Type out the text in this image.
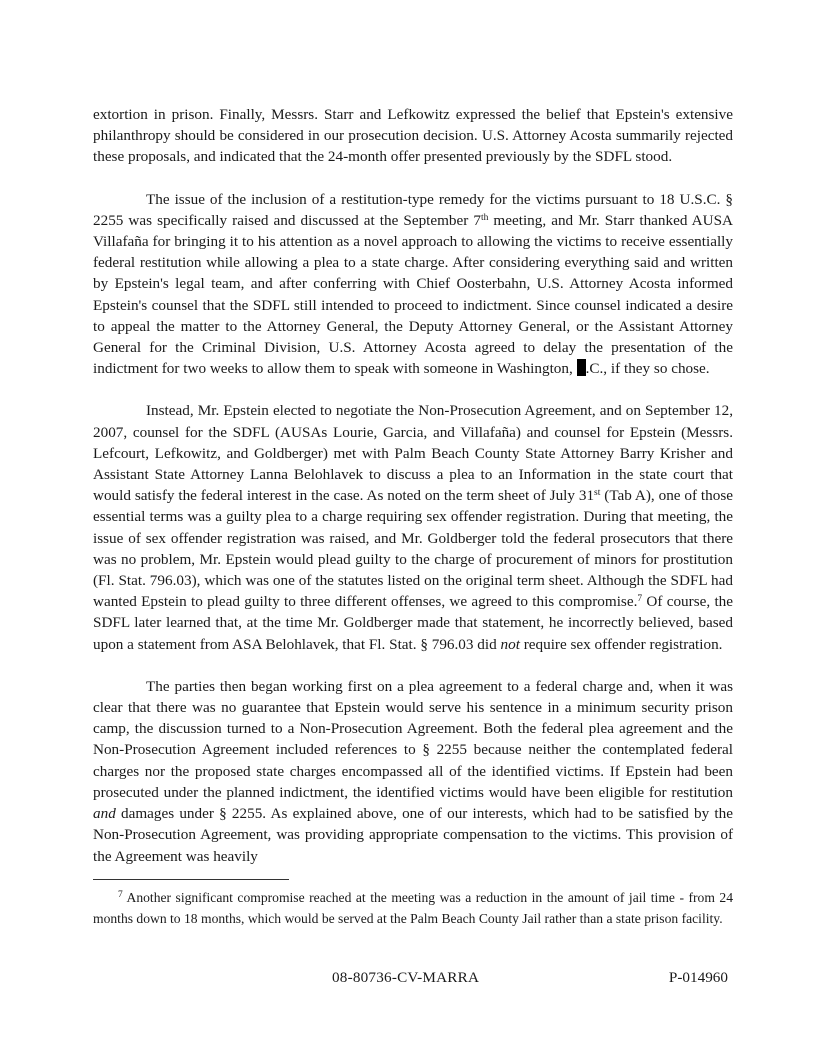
extortion in prison. Finally, Messrs. Starr and Lefkowitz expressed the belief that Epstein's extensive philanthropy should be considered in our prosecution decision. U.S. Attorney Acosta summarily rejected these proposals, and indicated that the 24-month offer presented previously by the SDFL stood.

The issue of the inclusion of a restitution-type remedy for the victims pursuant to 18 U.S.C. § 2255 was specifically raised and discussed at the September 7th meeting, and Mr. Starr thanked AUSA Villafaña for bringing it to his attention as a novel approach to allowing the victims to receive essentially federal restitution while allowing a plea to a state charge. After considering everything said and written by Epstein's legal team, and after conferring with Chief Oosterbahn, U.S. Attorney Acosta informed Epstein's counsel that the SDFL still intended to proceed to indictment. Since counsel indicated a desire to appeal the matter to the Attorney General, the Deputy Attorney General, or the Assistant Attorney General for the Criminal Division, U.S. Attorney Acosta agreed to delay the presentation of the indictment for two weeks to allow them to speak with someone in Washington, .C., if they so chose.

Instead, Mr. Epstein elected to negotiate the Non-Prosecution Agreement, and on September 12, 2007, counsel for the SDFL (AUSAs Lourie, Garcia, and Villafaña) and counsel for Epstein (Messrs. Lefcourt, Lefkowitz, and Goldberger) met with Palm Beach County State Attorney Barry Krisher and Assistant State Attorney Lanna Belohlavek to discuss a plea to an Information in the state court that would satisfy the federal interest in the case. As noted on the term sheet of July 31st (Tab A), one of those essential terms was a guilty plea to a charge requiring sex offender registration. During that meeting, the issue of sex offender registration was raised, and Mr. Goldberger told the federal prosecutors that there was no problem, Mr. Epstein would plead guilty to the charge of procurement of minors for prostitution (Fl. Stat. 796.03), which was one of the statutes listed on the original term sheet. Although the SDFL had wanted Epstein to plead guilty to three different offenses, we agreed to this compromise.$^7$ Of course, the SDFL later learned that, at the time Mr. Goldberger made that statement, he incorrectly believed, based upon a statement from ASA Belohlavek, that Fl. Stat. § 796.03 did not require sex offender registration.

The parties then began working first on a plea agreement to a federal charge and, when it was clear that there was no guarantee that Epstein would serve his sentence in a minimum security prison camp, the discussion turned to a Non-Prosecution Agreement. Both the federal plea agreement and the Non-Prosecution Agreement included references to § 2255 because neither the contemplated federal charges nor the proposed state charges encompassed all of the identified victims. If Epstein had been prosecuted under the planned indictment, the identified victims would have been eligible for restitution and damages under § 2255. As explained above, one of our interests, which had to be satisfied by the Non-Prosecution Agreement, was providing appropriate compensation to the victims. This provision of the Agreement was heavily

$^7$ Another significant compromise reached at the meeting was a reduction in the amount of jail time - from 24 months down to 18 months, which would be served at the Palm Beach County Jail rather than a state prison facility.

08-80736-CV-MARRA	P-014960
